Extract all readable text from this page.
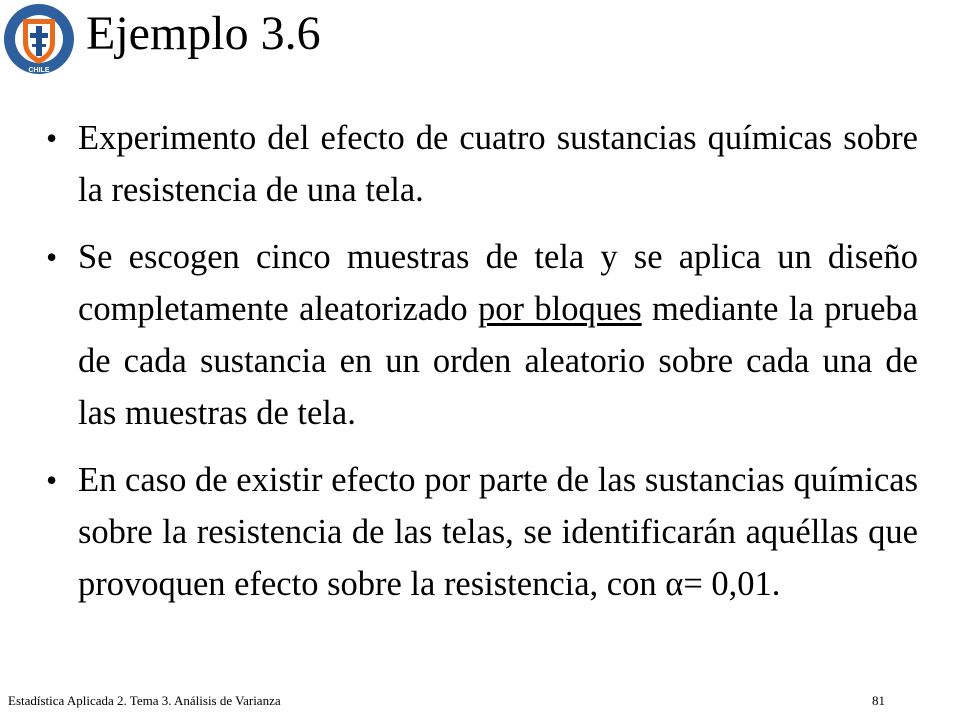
CHILE
Ejemplo 3.6
• Experimento del efecto de cuatro sustancias químicas sobre la resistencia de una tela.
• Se escogen cinco muestras de tela y se aplica un diseño completamente aleatorizado por bloques mediante la prueba de cada sustancia en un orden aleatorio sobre cada una de las muestras de tela.
• En caso de existir efecto por parte de las sustancias químicas sobre la resistencia de las telas, se identificarán aquéllas que provoquen efecto sobre la resistencia, con α= 0,01.
Estadística Aplicada 2. Tema 3. Análisis de Varianza	81
